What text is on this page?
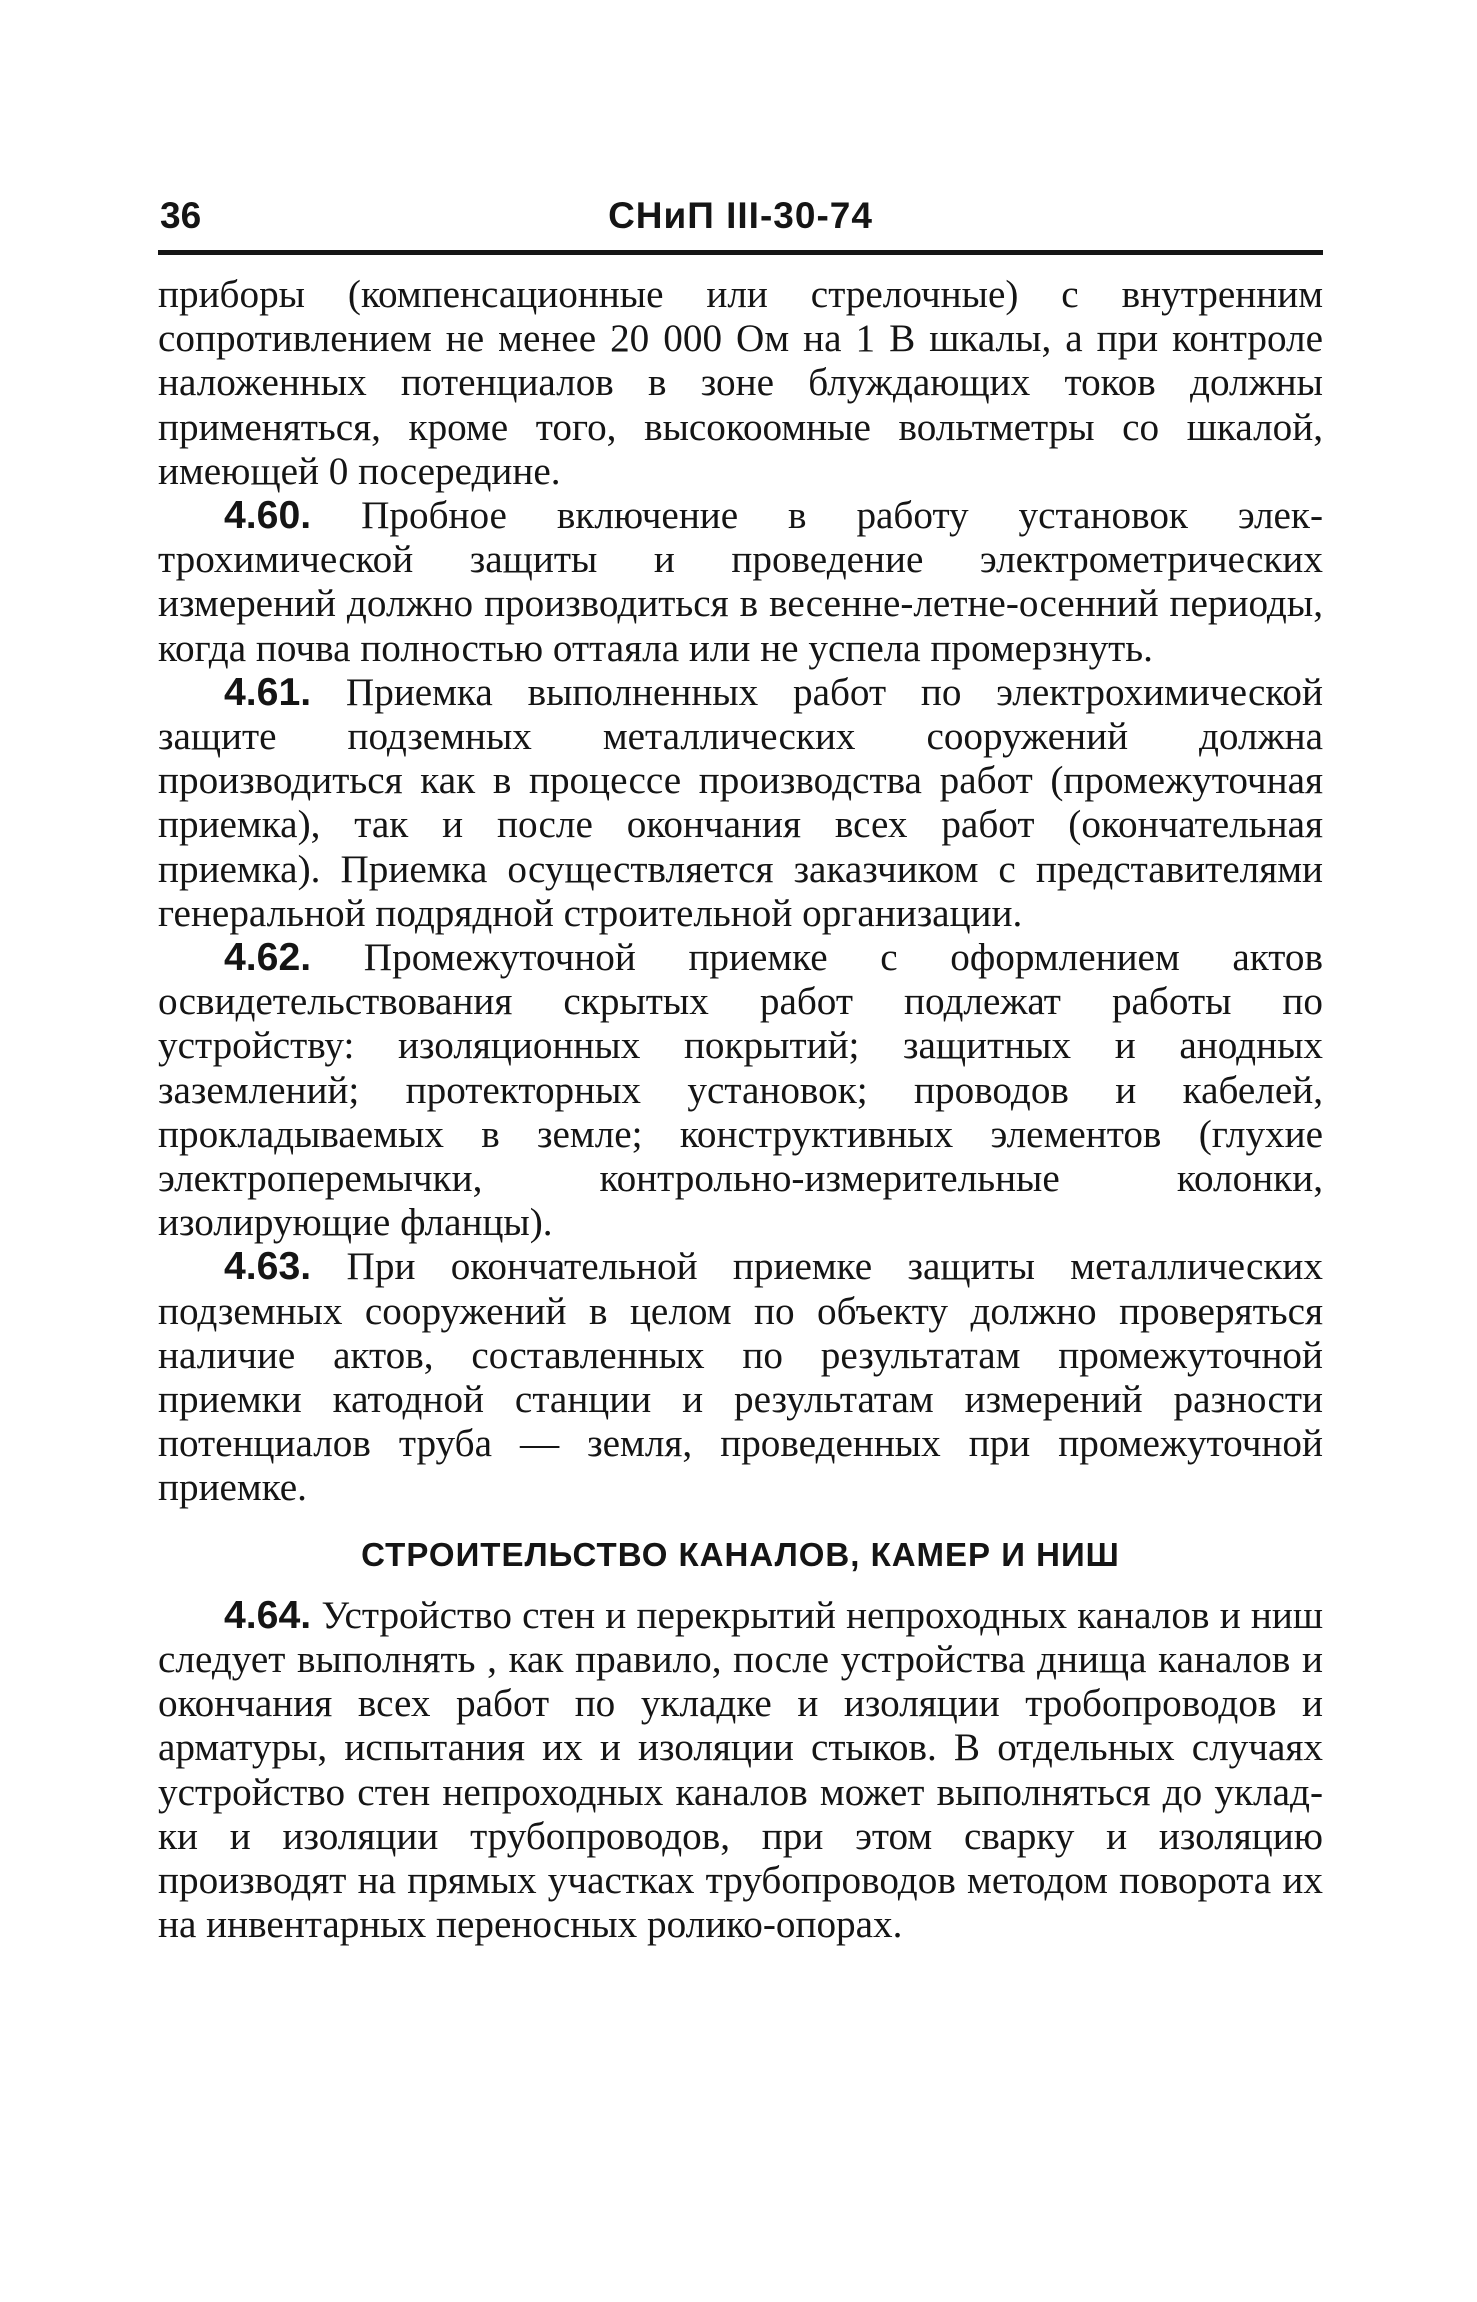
36	СНиП III-30-74

приборы (компенсационные или стрелочные) с внутренним сопротивлением не менее 20 000 Ом на 1 В шкалы, а при контроле наложенных потенциалов в зоне блуждающих токов должны применяться, кроме того, высокоомные вольтметры со шкалой, имеющей 0 посередине.

4.60. Пробное включение в работу установок электрохимической защиты и проведение электрометрических измерений должно производиться в весенне-летне-осенний периоды, когда почва полностью оттаяла или не успела промерзнуть.

4.61. Приемка выполненных работ по электрохимической защите подземных металлических сооружений должна производиться как в процессе производства работ (промежуточная приемка), так и после окончания всех работ (окончательная приемка). Приемка осуществляется заказчиком с представителями генеральной подрядной строительной организации.

4.62. Промежуточной приемке с оформлением актов освидетельствования скрытых работ подлежат работы по устройству: изоляционных покрытий; защитных и анодных заземлений; протекторных установок; проводов и кабелей, прокладываемых в земле; конструктивных элементов (глухие электроперемычки, контрольно-измерительные колонки, изолирующие фланцы).

4.63. При окончательной приемке защиты металлических подземных сооружений в целом по объекту должно проверяться наличие актов, составленных по результатам промежуточной приемки катодной станции и результатам измерений разности потенциалов труба — земля, проведенных при промежуточной приемке.

СТРОИТЕЛЬСТВО КАНАЛОВ, КАМЕР И НИШ

4.64. Устройство стен и перекрытий непроходных каналов и ниш следует выполнять , как правило, после устройства днища каналов и окончания всех работ по укладке и изоляции тробопроводов и арматуры, испытания их и изоляции стыков. В отдельных случаях устройство стен непроходных каналов может выполняться до укладки и изоляции трубопроводов, при этом сварку и изоляцию производят на прямых участках трубопроводов методом поворота их на инвентарных переносных ролико-опорах.
